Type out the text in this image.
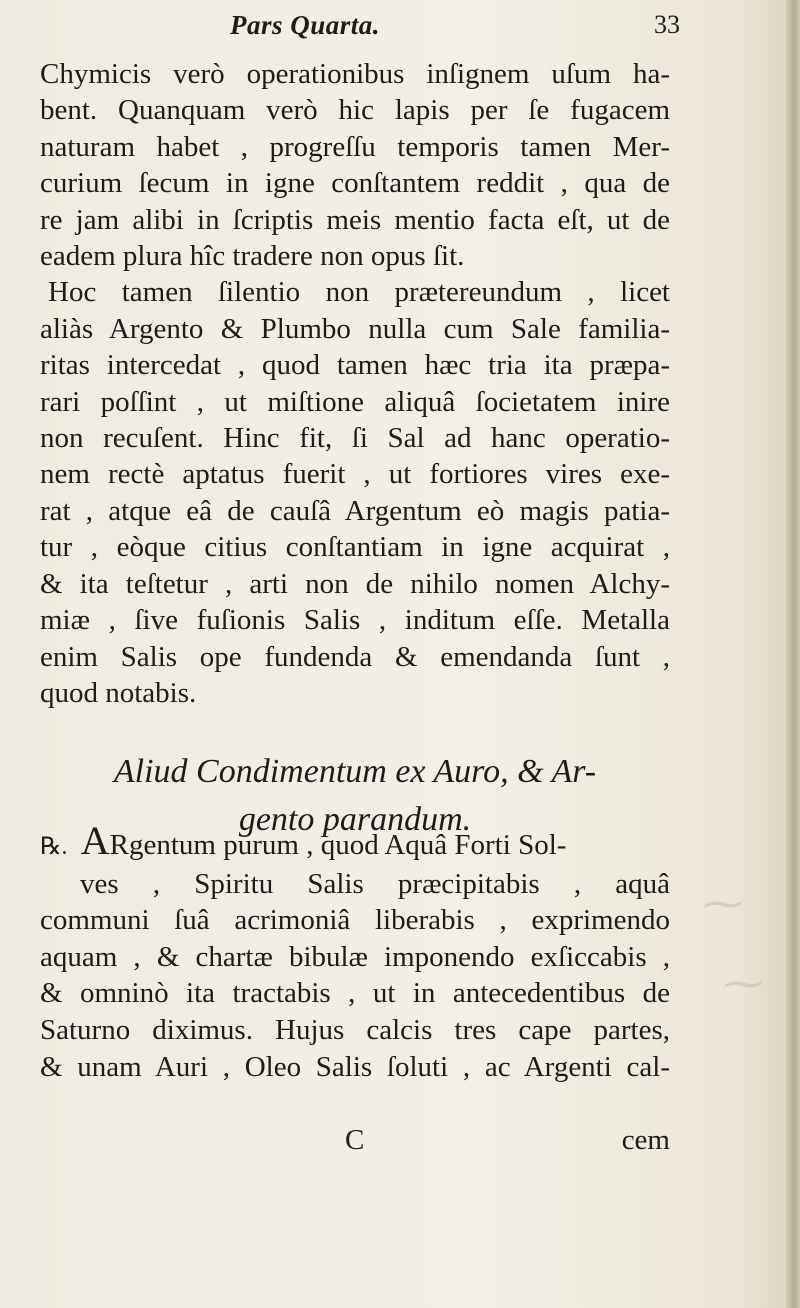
Pars Quarta.	33
Chymicis verò operationibus inſignem uſum ha-
bent. Quanquam verò hic lapis per ſe fugacem
naturam habet , progreſſu temporis tamen Mer-
curium ſecum in igne conſtantem reddit , qua de
re jam alibi in ſcriptis meis mentio facta eſt, ut de
eadem plura hîc tradere non opus ſit.
Hoc tamen ſilentio non prætereundum , licet
aliàs Argento & Plumbo nulla cum Sale familia-
ritas intercedat , quod tamen hæc tria ita præpa-
rari poſſint , ut miſtione aliquâ ſocietatem inire
non recuſent. Hinc fit, ſi Sal ad hanc operatio-
nem rectè aptatus fuerit , ut fortiores vires exe-
rat , atque eâ de cauſâ Argentum eò magis patia-
tur , eòque citius conſtantiam in igne acquirat ,
& ita teſtetur , arti non de nihilo nomen Alchy-
miæ , ſive fuſionis Salis , inditum eſſe. Metalla
enim Salis ope fundenda & emendanda ſunt ,
quod notabis.
Aliud Condimentum ex Auro, & Ar-
gento parandum.
℞. ARgentum purum , quod Aquâ Forti Sol-
ves , Spiritu Salis præcipitabis , aquâ
communi ſuâ acrimoniâ liberabis , exprimendo
aquam , & chartæ bibulæ imponendo exſiccabis ,
& omninò ita tractabis , ut in antecedentibus de
Saturno diximus. Hujus calcis tres cape partes,
& unam Auri , Oleo Salis ſoluti , ac Argenti cal-
C	cem
⁓
⁓
